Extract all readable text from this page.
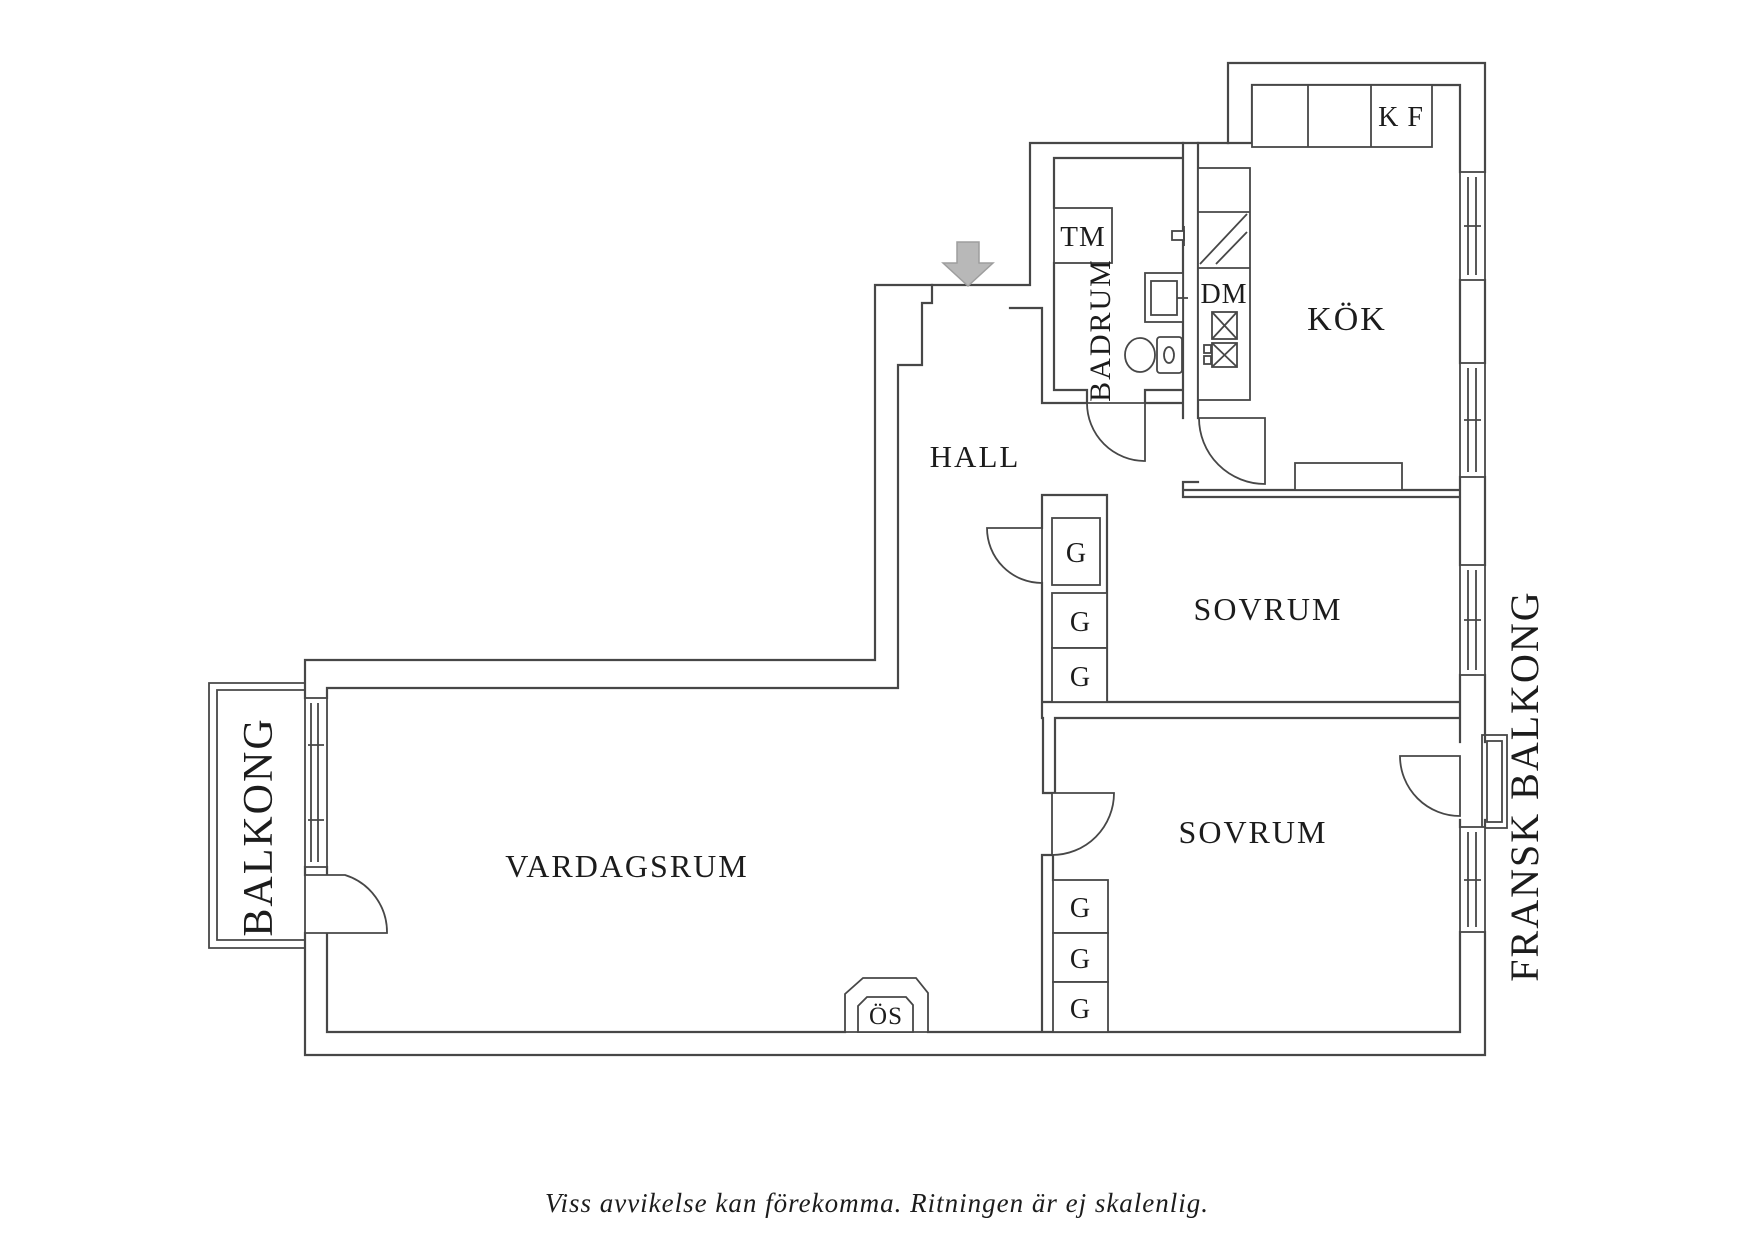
HALL
BADRUM	KÖK
SOVRUM
SOVRUM
VARDAGSRUM
BALKONG	FRANSK BALKONG
TM
DM
K F
ÖS
G
G
G
G
G
G
Viss avvikelse kan förekomma. Ritningen är ej skalenlig.
